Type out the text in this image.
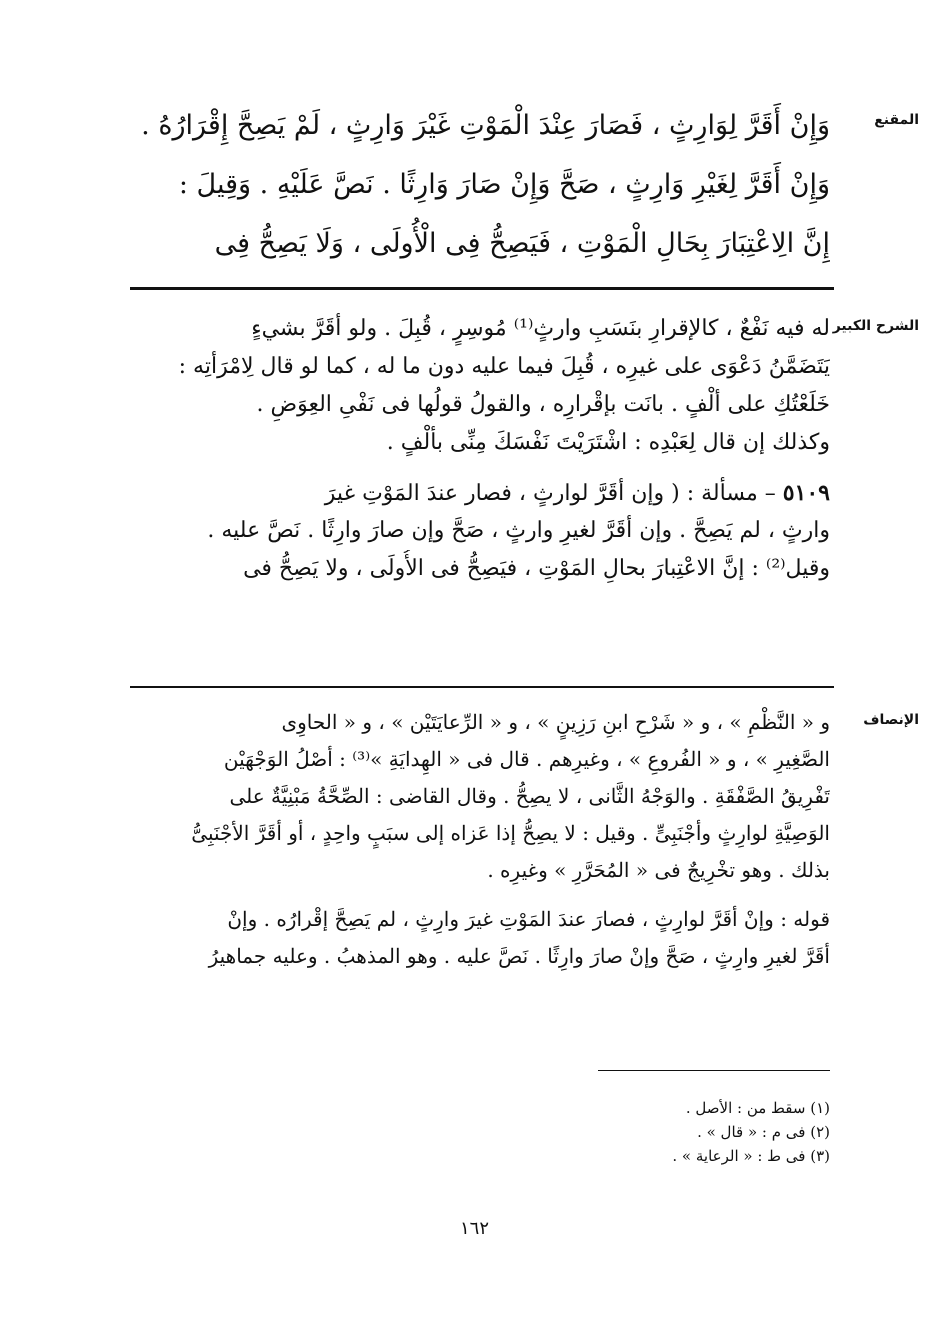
المقنع
وَإِنْ أَقَرَّ لِوَارِثٍ ، فَصَارَ عِنْدَ الْمَوْتِ غَيْرَ وَارِثٍ ، لَمْ يَصِحَّ إِقْرَارُهُ .
وَإِنْ أَقَرَّ لِغَيْرِ وَارِثٍ ، صَحَّ وَإِنْ صَارَ وَارِثًا . نَصَّ عَلَيْهِ . وَقِيلَ :
إِنَّ الِاعْتِبَارَ بِحَالِ الْمَوْتِ ، فَيَصِحُّ فِى الْأُولَى ، وَلَا يَصِحُّ فِى
الشرح الكبير
له فيه نَفْعٌ ، كالإقرارِ بنَسَبِ وارثٍ⁽¹⁾ مُوسِرٍ ، قُبِلَ . ولو أقَرَّ بشيءٍ
يَتَضَمَّنُ دَعْوَى على غيرِه ، قُبِلَ فيما عليه دون ما له ، كما لو قال لِامْرَأتِه :
خَلَعْتُكِ على ألْفٍ . بانَت بإقْرارِه ، والقولُ قولُها فى نَفْىِ العِوَضِ .
وكذلك إن قال لِعَبْدِه : اشْتَرَيْتَ نَفْسَكَ مِنِّى بألْفٍ .
٥١٠٩ – مسألة : ( وإن أقَرَّ لوارثٍ ، فصار عندَ المَوْتِ غيرَ
وارثٍ ، لم يَصِحَّ . وإن أقَرَّ لغيرِ وارثٍ ، صَحَّ وإن صارَ وارِثًا . نَصَّ عليه .
وقيل⁽²⁾ : إنَّ الاعْتِبارَ بحالِ المَوْتِ ، فيَصِحُّ فى الأُولَى ، ولا يَصِحُّ فى
الإنصاف
و « النَّظْمِ » ، و « شَرْحِ ابنِ رَزِينٍ » ، و « الرِّعايَتَيْن » ، و « الحاوِى
الصَّغِيرِ » ، و « الفُروعِ » ، وغيرِهم . قال فى « الهِدايَةِ »⁽³⁾ : أصْلُ الوَجْهَيْن
تَفْرِيقُ الصَّفْقَةِ . والوَجْهُ الثَّانى ، لا يصِحُّ . وقال القاضى : الصِّحَّةُ مَبْنِيَّةٌ على
الوَصِيَّةِ لوارِثٍ وأجْنَبِىٍّ . وقيل : لا يصِحُّ إذا عَزاه إلى سبَبٍ واحِدٍ ، أو أقَرَّ الأجْنَبِىُّ
بذلك . وهو تخْرِيجٌ فى « المُحَرَّرِ » وغيرِه .
قوله : وإنْ أقَرَّ لوارِثٍ ، فصارَ عندَ المَوْتِ غيرَ وارِثٍ ، لم يَصِحَّ إقْرارُه . وإنْ
أقَرَّ لغيرِ وارِثٍ ، صَحَّ وإنْ صارَ وارِثًا . نَصَّ عليه . وهو المذهبُ . وعليه جماهيرُ
(١) سقط من : الأصل .
(٢) فى م : « قال » .
(٣) فى ط : « الرعاية » .
١٦٢
